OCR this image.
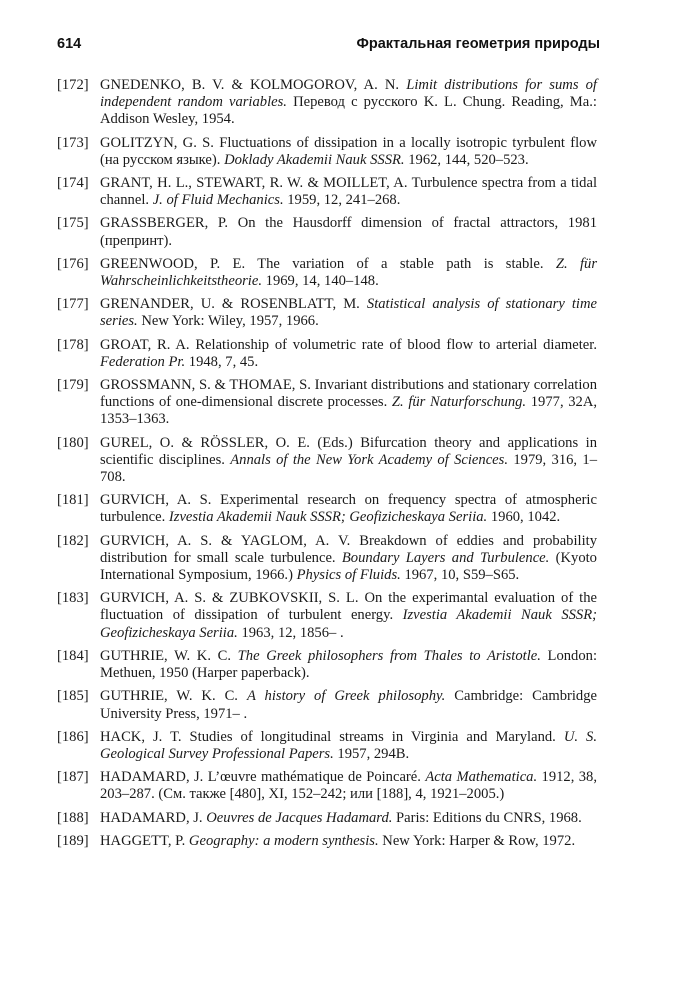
614	Фрактальная геометрия природы
[172] GNEDENKO, B. V. & KOLMOGOROV, A. N. Limit distributions for sums of independent random variables. Перевод с русского K. L. Chung. Reading, Ma.: Addison Wesley, 1954.
[173] GOLITZYN, G. S. Fluctuations of dissipation in a locally isotropic tyrbulent flow (на русском языке). Doklady Akademii Nauk SSSR. 1962, 144, 520–523.
[174] GRANT, H. L., STEWART, R. W. & MOILLET, A. Turbulence spectra from a tidal channel. J. of Fluid Mechanics. 1959, 12, 241–268.
[175] GRASSBERGER, P. On the Hausdorff dimension of fractal attractors, 1981 (препринт).
[176] GREENWOOD, P. E. The variation of a stable path is stable. Z. für Wahrscheinlichkeitstheorie. 1969, 14, 140–148.
[177] GRENANDER, U. & ROSENBLATT, M. Statistical analysis of stationary time series. New York: Wiley, 1957, 1966.
[178] GROAT, R. A. Relationship of volumetric rate of blood flow to arterial diameter. Federation Pr. 1948, 7, 45.
[179] GROSSMANN, S. & THOMAE, S. Invariant distributions and stationary correlation functions of one-dimensional discrete processes. Z. für Naturforschung. 1977, 32A, 1353–1363.
[180] GUREL, O. & RÖSSLER, O. E. (Eds.) Bifurcation theory and applications in scientific disciplines. Annals of the New York Academy of Sciences. 1979, 316, 1–708.
[181] GURVICH, A. S. Experimental research on frequency spectra of atmospheric turbulence. Izvestia Akademii Nauk SSSR; Geofizicheskaya Seriia. 1960, 1042.
[182] GURVICH, A. S. & YAGLOM, A. V. Breakdown of eddies and probability distribution for small scale turbulence. Boundary Layers and Turbulence. (Kyoto International Symposium, 1966.) Physics of Fluids. 1967, 10, S59–S65.
[183] GURVICH, A. S. & ZUBKOVSKII, S. L. On the experimantal evaluation of the fluctuation of dissipation of turbulent energy. Izvestia Akademii Nauk SSSR; Geofizicheskaya Seriia. 1963, 12, 1856– .
[184] GUTHRIE, W. K. C. The Greek philosophers from Thales to Aristotle. London: Methuen, 1950 (Harper paperback).
[185] GUTHRIE, W. K. C. A history of Greek philosophy. Cambridge: Cambridge University Press, 1971– .
[186] HACK, J. T. Studies of longitudinal streams in Virginia and Maryland. U. S. Geological Survey Professional Papers. 1957, 294B.
[187] HADAMARD, J. L’œuvre mathématique de Poincaré. Acta Mathematica. 1912, 38, 203–287. (См. также [480], XI, 152–242; или [188], 4, 1921–2005.)
[188] HADAMARD, J. Oeuvres de Jacques Hadamard. Paris: Editions du CNRS, 1968.
[189] HAGGETT, P. Geography: a modern synthesis. New York: Harper & Row, 1972.
